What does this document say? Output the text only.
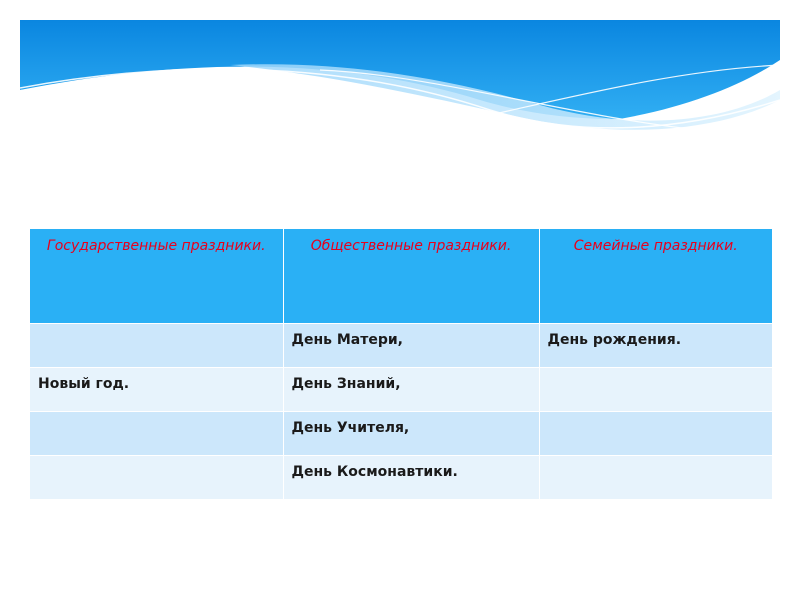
Государственные праздники.	Общественные праздники.	Семейные праздники.
	День Матери,	День рождения.
Новый год.	День Знаний,	
	День Учителя,	
	День Космонавтики.	
